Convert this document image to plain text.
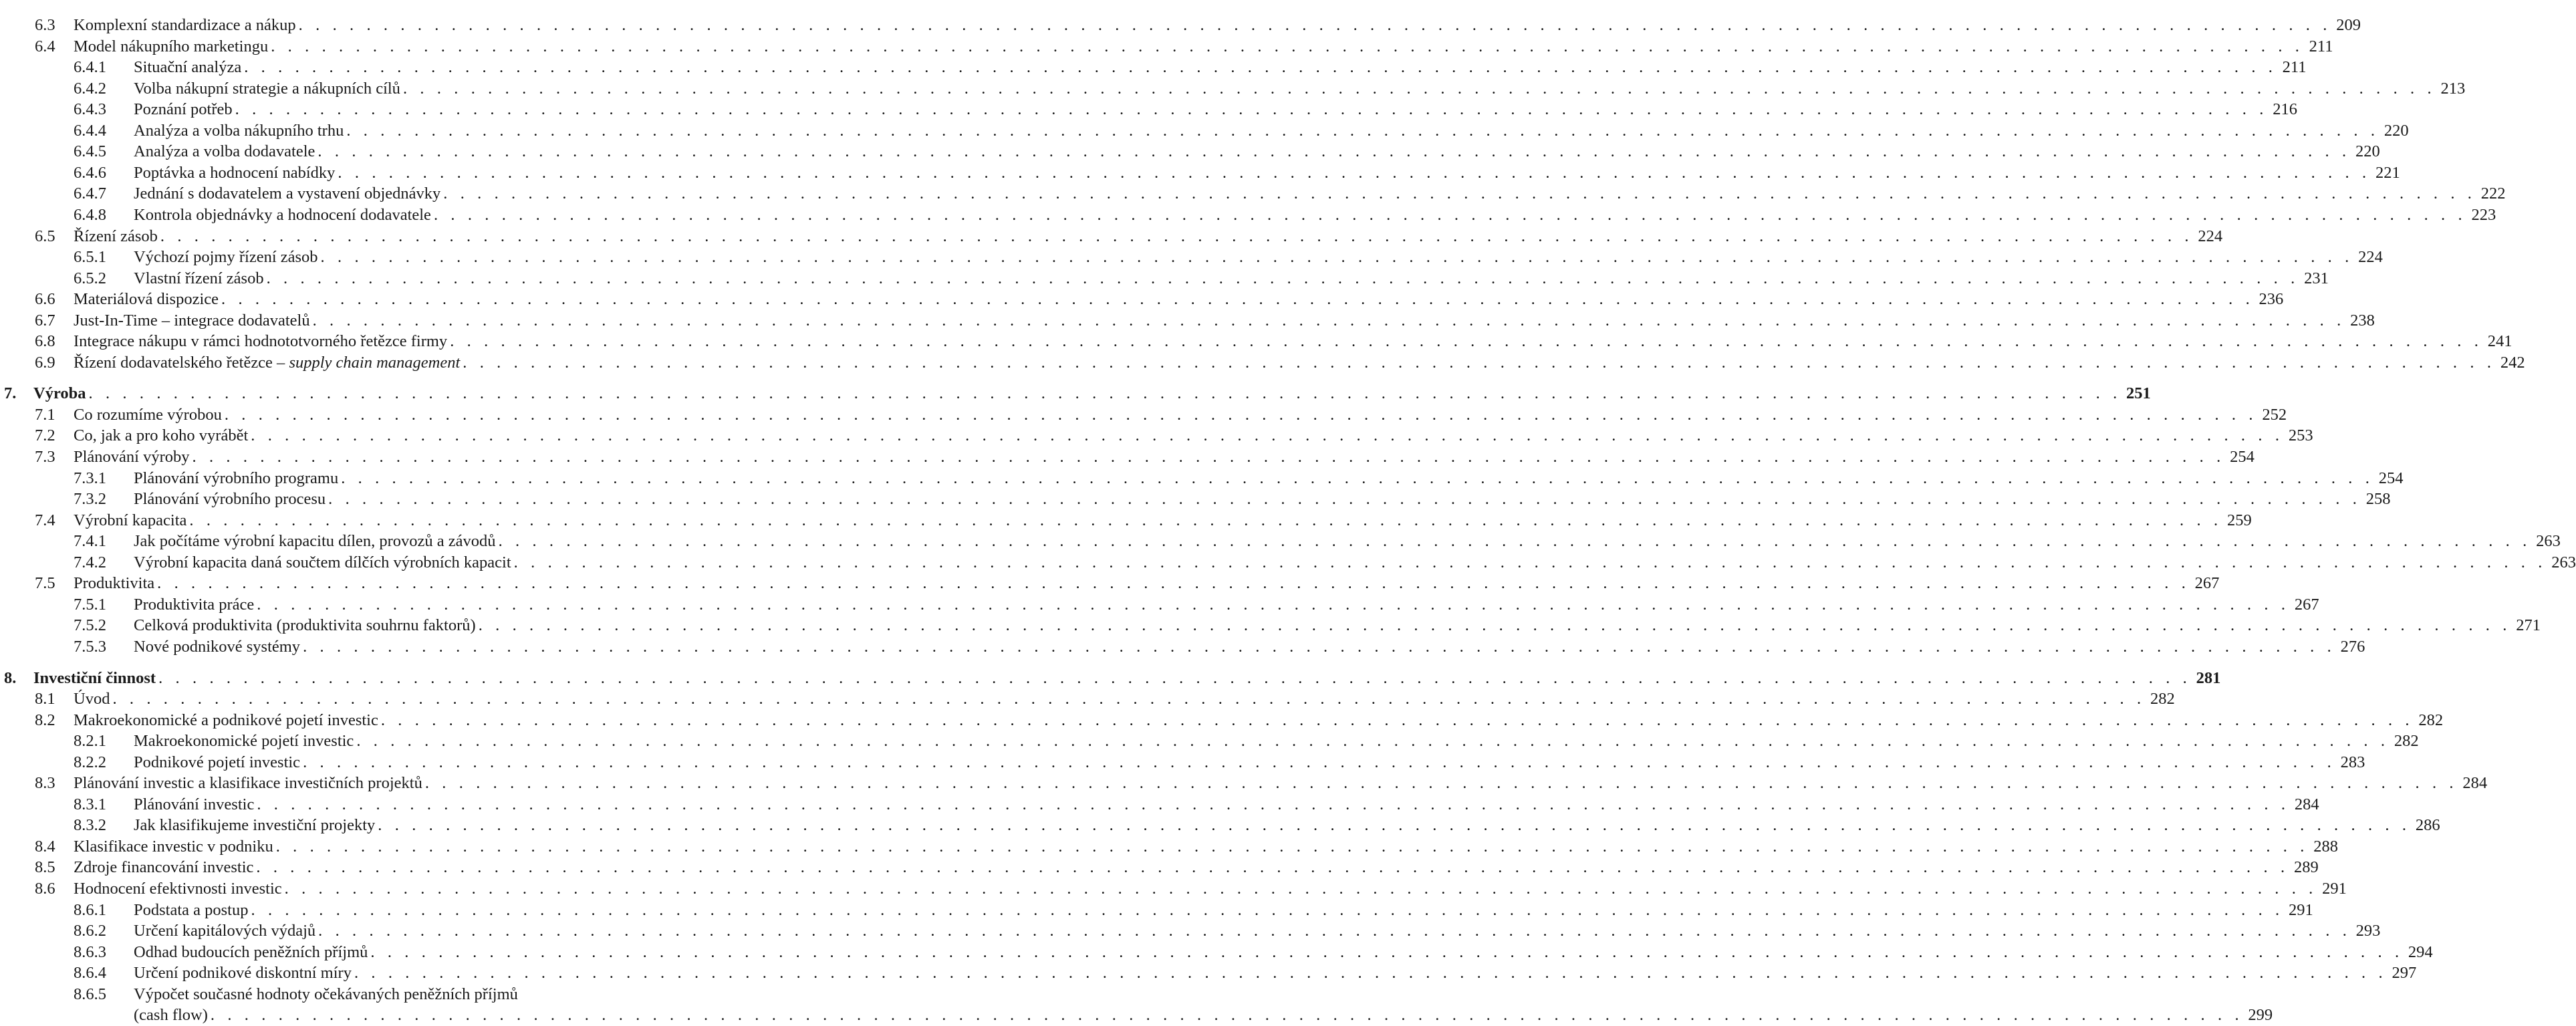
6.3 Komplexní standardizace a nákup . . . . . . . . . . . . . . . . . . . . . . . . . . . . . . . . . . . . . . . . . . . . . . . . . . . . . . . . . . . . . . . . . . . . . . . . . . . . . . . . . . . . . . . . . . . . . . . . . . . . . . . . . . . . . . . . . . . . . . . . 209
6.4 Model nákupního marketingu . . . . . . . . . . . . . . . . . . . . . . . . . . . . . . . . . . . . . . . . . . . . . . . . . . . . . . . . . . . . . . . . . . . . . . . . . . . . . . . . . . . . . . . . . . . . . . . . . . . . . . . . . . . . . . . . . . . . . . . . 211
6.4.1 Situační analýza . . . . . . . . . . . . . . . . . . . . . . . . . . . . . . . . . . . . . . . . . . . . . . . . . . . . . . . . . . . . . . . . . . . . . . . . . . . . . . . . . . . . . . . . . . . . . . . . . . . . . . . . . . . . . . . . . . . . . . . . 211
6.4.2 Volba nákupní strategie a nákupních cílů . . . . . . . . . . . . . . . . . . . . . . . . . . . . . . . . . . . . . . . . . . . . . . . . . . . . . . . . . . . . . . . . . . . . . . . . . . . . . . . . . . . . . . . . . . . . . . . . . . . . . . . . . . . . . . . . . . . . . . . . 213
6.4.3 Poznání potřeb . . . . . . . . . . . . . . . . . . . . . . . . . . . . . . . . . . . . . . . . . . . . . . . . . . . . . . . . . . . . . . . . . . . . . . . . . . . . . . . . . . . . . . . . . . . . . . . . . . . . . . . . . . . . . . . . . . . . . . . . 216
6.4.4 Analýza a volba nákupního trhu . . . . . . . . . . . . . . . . . . . . . . . . . . . . . . . . . . . . . . . . . . . . . . . . . . . . . . . . . . . . . . . . . . . . . . . . . . . . . . . . . . . . . . . . . . . . . . . . . . . . . . . . . . . . . . . . . . . . . . . . 220
6.4.5 Analýza a volba dodavatele . . . . . . . . . . . . . . . . . . . . . . . . . . . . . . . . . . . . . . . . . . . . . . . . . . . . . . . . . . . . . . . . . . . . . . . . . . . . . . . . . . . . . . . . . . . . . . . . . . . . . . . . . . . . . . . . . . . . . . . . 220
6.4.6 Poptávka a hodnocení nabídky . . . . . . . . . . . . . . . . . . . . . . . . . . . . . . . . . . . . . . . . . . . . . . . . . . . . . . . . . . . . . . . . . . . . . . . . . . . . . . . . . . . . . . . . . . . . . . . . . . . . . . . . . . . . . . . . . . . . . . . . 221
6.4.7 Jednání s dodavatelem a vystavení objednávky . . . . . . . . . . . . . . . . . . . . . . . . . . . . . . . . . . . . . . . . . . . . . . . . . . . . . . . . . . . . . . . . . . . . . . . . . . . . . . . . . . . . . . . . . . . . . . . . . . . . . . . . . . . . . . . . . . . . . . . . 222
6.4.8 Kontrola objednávky a hodnocení dodavatele . . . . . . . . . . . . . . . . . . . . . . . . . . . . . . . . . . . . . . . . . . . . . . . . . . . . . . . . . . . . . . . . . . . . . . . . . . . . . . . . . . . . . . . . . . . . . . . . . . . . . . . . . . . . . . . . . . . . . . . . 223
6.5 Řízení zásob . . . . . . . . . . . . . . . . . . . . . . . . . . . . . . . . . . . . . . . . . . . . . . . . . . . . . . . . . . . . . . . . . . . . . . . . . . . . . . . . . . . . . . . . . . . . . . . . . . . . . . . . . . . . . . . . . . . . . . . . 224
6.5.1 Výchozí pojmy řízení zásob . . . . . . . . . . . . . . . . . . . . . . . . . . . . . . . . . . . . . . . . . . . . . . . . . . . . . . . . . . . . . . . . . . . . . . . . . . . . . . . . . . . . . . . . . . . . . . . . . . . . . . . . . . . . . . . . . . . . . . . . 224
6.5.2 Vlastní řízení zásob . . . . . . . . . . . . . . . . . . . . . . . . . . . . . . . . . . . . . . . . . . . . . . . . . . . . . . . . . . . . . . . . . . . . . . . . . . . . . . . . . . . . . . . . . . . . . . . . . . . . . . . . . . . . . . . . . . . . . . . . 231
6.6 Materiálová dispozice . . . . . . . . . . . . . . . . . . . . . . . . . . . . . . . . . . . . . . . . . . . . . . . . . . . . . . . . . . . . . . . . . . . . . . . . . . . . . . . . . . . . . . . . . . . . . . . . . . . . . . . . . . . . . . . . . . . . . . . . 236
6.7 Just-In-Time – integrace dodavatelů . . . . . . . . . . . . . . . . . . . . . . . . . . . . . . . . . . . . . . . . . . . . . . . . . . . . . . . . . . . . . . . . . . . . . . . . . . . . . . . . . . . . . . . . . . . . . . . . . . . . . . . . . . . . . . . . . . . . . . . . 238
6.8 Integrace nákupu v rámci hodnototvorného řetězce firmy . . . . . . . . . . . . . . . . . . . . . . . . . . . . . . . . . . . . . . . . . . . . . . . . . . . . . . . . . . . . . . . . . . . . . . . . . . . . . . . . . . . . . . . . . . . . . . . . . . . . . . . . . . . . . . . . . . . . . . . . 241
6.9 Řízení dodavatelského řetězce – supply chain management . . . . . . . . . . . . . . . . . . . . . . . . . . . . . . . . . . . . . . . . . . . . . . . . . . . . . . . . . . . . . . . . . . . . . . . . . . . . . . . . . . . . . . . . . . . . . . . . . . . . . . . . . . . . . . . . . . . . . . . . 242
7. Výroba . . . . . . . . . . . . . . . . . . . . . . . . . . . . . . . . . . . . . . . . . . . . . . . . . . . . . . . . . . . . . . . . . . . . . . . . . . . . . . . . . . . . . . . . . . . . . . . . . . . . . . . . . . . . . . . . . . . . . . . . 251
7.1 Co rozumíme výrobou . . . . . . . . . . . . . . . . . . . . . . . . . . . . . . . . . . . . . . . . . . . . . . . . . . . . . . . . . . . . . . . . . . . . . . . . . . . . . . . . . . . . . . . . . . . . . . . . . . . . . . . . . . . . . . . . . . . . . . . . 252
7.2 Co, jak a pro koho vyrábět . . . . . . . . . . . . . . . . . . . . . . . . . . . . . . . . . . . . . . . . . . . . . . . . . . . . . . . . . . . . . . . . . . . . . . . . . . . . . . . . . . . . . . . . . . . . . . . . . . . . . . . . . . . . . . . . . . . . . . . . 253
7.3 Plánování výroby . . . . . . . . . . . . . . . . . . . . . . . . . . . . . . . . . . . . . . . . . . . . . . . . . . . . . . . . . . . . . . . . . . . . . . . . . . . . . . . . . . . . . . . . . . . . . . . . . . . . . . . . . . . . . . . . . . . . . . . . 254
7.3.1 Plánování výrobního programu . . . . . . . . . . . . . . . . . . . . . . . . . . . . . . . . . . . . . . . . . . . . . . . . . . . . . . . . . . . . . . . . . . . . . . . . . . . . . . . . . . . . . . . . . . . . . . . . . . . . . . . . . . . . . . . . . . . . . . . . 254
7.3.2 Plánování výrobního procesu . . . . . . . . . . . . . . . . . . . . . . . . . . . . . . . . . . . . . . . . . . . . . . . . . . . . . . . . . . . . . . . . . . . . . . . . . . . . . . . . . . . . . . . . . . . . . . . . . . . . . . . . . . . . . . . . . . . . . . . . 258
7.4 Výrobní kapacita . . . . . . . . . . . . . . . . . . . . . . . . . . . . . . . . . . . . . . . . . . . . . . . . . . . . . . . . . . . . . . . . . . . . . . . . . . . . . . . . . . . . . . . . . . . . . . . . . . . . . . . . . . . . . . . . . . . . . . . . 259
7.4.1 Jak počítáme výrobní kapacitu dílen, provozů a závodů . . . . . . . . . . . . . . . . . . . . . . . . . . . . . . . . . . . . . . . . . . . . . . . . . . . . . . . . . . . . . . . . . . . . . . . . . . . . . . . . . . . . . . . . . . . . . . . . . . . . . . . . . . . . . . . . . . . . . . . . 263
7.4.2 Výrobní kapacita daná součtem dílčích výrobních kapacit . . . . . . . . . . . . . . . . . . . . . . . . . . . . . . . . . . . . . . . . . . . . . . . . . . . . . . . . . . . . . . . . . . . . . . . . . . . . . . . . . . . . . . . . . . . . . . . . . . . . . . . . . . . . . . . . . . . . . . . . 263
7.5 Produktivita . . . . . . . . . . . . . . . . . . . . . . . . . . . . . . . . . . . . . . . . . . . . . . . . . . . . . . . . . . . . . . . . . . . . . . . . . . . . . . . . . . . . . . . . . . . . . . . . . . . . . . . . . . . . . . . . . . . . . . . . 267
7.5.1 Produktivita práce . . . . . . . . . . . . . . . . . . . . . . . . . . . . . . . . . . . . . . . . . . . . . . . . . . . . . . . . . . . . . . . . . . . . . . . . . . . . . . . . . . . . . . . . . . . . . . . . . . . . . . . . . . . . . . . . . . . . . . . . 267
7.5.2 Celková produktivita (produktivita souhrnu faktorů) . . . . . . . . . . . . . . . . . . . . . . . . . . . . . . . . . . . . . . . . . . . . . . . . . . . . . . . . . . . . . . . . . . . . . . . . . . . . . . . . . . . . . . . . . . . . . . . . . . . . . . . . . . . . . . . . . . . . . . . . 271
7.5.3 Nové podnikové systémy . . . . . . . . . . . . . . . . . . . . . . . . . . . . . . . . . . . . . . . . . . . . . . . . . . . . . . . . . . . . . . . . . . . . . . . . . . . . . . . . . . . . . . . . . . . . . . . . . . . . . . . . . . . . . . . . . . . . . . . . 276
8. Investiční činnost . . . . . . . . . . . . . . . . . . . . . . . . . . . . . . . . . . . . . . . . . . . . . . . . . . . . . . . . . . . . . . . . . . . . . . . . . . . . . . . . . . . . . . . . . . . . . . . . . . . . . . . . . . . . . . . . . . . . . . . . 281
8.1 Úvod . . . . . . . . . . . . . . . . . . . . . . . . . . . . . . . . . . . . . . . . . . . . . . . . . . . . . . . . . . . . . . . . . . . . . . . . . . . . . . . . . . . . . . . . . . . . . . . . . . . . . . . . . . . . . . . . . . . . . . . . 282
8.2 Makroekonomické a podnikové pojetí investic . . . . . . . . . . . . . . . . . . . . . . . . . . . . . . . . . . . . . . . . . . . . . . . . . . . . . . . . . . . . . . . . . . . . . . . . . . . . . . . . . . . . . . . . . . . . . . . . . . . . . . . . . . . . . . . . . . . . . . . . 282
8.2.1 Makroekonomické pojetí investic . . . . . . . . . . . . . . . . . . . . . . . . . . . . . . . . . . . . . . . . . . . . . . . . . . . . . . . . . . . . . . . . . . . . . . . . . . . . . . . . . . . . . . . . . . . . . . . . . . . . . . . . . . . . . . . . . . . . . . . . 282
8.2.2 Podnikové pojetí investic . . . . . . . . . . . . . . . . . . . . . . . . . . . . . . . . . . . . . . . . . . . . . . . . . . . . . . . . . . . . . . . . . . . . . . . . . . . . . . . . . . . . . . . . . . . . . . . . . . . . . . . . . . . . . . . . . . . . . . . . 283
8.3 Plánování investic a klasifikace investičních projektů . . . . . . . . . . . . . . . . . . . . . . . . . . . . . . . . . . . . . . . . . . . . . . . . . . . . . . . . . . . . . . . . . . . . . . . . . . . . . . . . . . . . . . . . . . . . . . . . . . . . . . . . . . . . . . . . . . . . . . . . 284
8.3.1 Plánování investic . . . . . . . . . . . . . . . . . . . . . . . . . . . . . . . . . . . . . . . . . . . . . . . . . . . . . . . . . . . . . . . . . . . . . . . . . . . . . . . . . . . . . . . . . . . . . . . . . . . . . . . . . . . . . . . . . . . . . . . . 284
8.3.2 Jak klasifikujeme investiční projekty . . . . . . . . . . . . . . . . . . . . . . . . . . . . . . . . . . . . . . . . . . . . . . . . . . . . . . . . . . . . . . . . . . . . . . . . . . . . . . . . . . . . . . . . . . . . . . . . . . . . . . . . . . . . . . . . . . . . . . . . 286
8.4 Klasifikace investic v podniku . . . . . . . . . . . . . . . . . . . . . . . . . . . . . . . . . . . . . . . . . . . . . . . . . . . . . . . . . . . . . . . . . . . . . . . . . . . . . . . . . . . . . . . . . . . . . . . . . . . . . . . . . . . . . . . . . . . . . . . . 288
8.5 Zdroje financování investic . . . . . . . . . . . . . . . . . . . . . . . . . . . . . . . . . . . . . . . . . . . . . . . . . . . . . . . . . . . . . . . . . . . . . . . . . . . . . . . . . . . . . . . . . . . . . . . . . . . . . . . . . . . . . . . . . . . . . . . . 289
8.6 Hodnocení efektivnosti investic . . . . . . . . . . . . . . . . . . . . . . . . . . . . . . . . . . . . . . . . . . . . . . . . . . . . . . . . . . . . . . . . . . . . . . . . . . . . . . . . . . . . . . . . . . . . . . . . . . . . . . . . . . . . . . . . . . . . . . . . 291
8.6.1 Podstata a postup . . . . . . . . . . . . . . . . . . . . . . . . . . . . . . . . . . . . . . . . . . . . . . . . . . . . . . . . . . . . . . . . . . . . . . . . . . . . . . . . . . . . . . . . . . . . . . . . . . . . . . . . . . . . . . . . . . . . . . . . 291
8.6.2 Určení kapitálových výdajů . . . . . . . . . . . . . . . . . . . . . . . . . . . . . . . . . . . . . . . . . . . . . . . . . . . . . . . . . . . . . . . . . . . . . . . . . . . . . . . . . . . . . . . . . . . . . . . . . . . . . . . . . . . . . . . . . . . . . . . . 293
8.6.3 Odhad budoucích peněžních příjmů . . . . . . . . . . . . . . . . . . . . . . . . . . . . . . . . . . . . . . . . . . . . . . . . . . . . . . . . . . . . . . . . . . . . . . . . . . . . . . . . . . . . . . . . . . . . . . . . . . . . . . . . . . . . . . . . . . . . . . . . 294
8.6.4 Určení podnikové diskontní míry . . . . . . . . . . . . . . . . . . . . . . . . . . . . . . . . . . . . . . . . . . . . . . . . . . . . . . . . . . . . . . . . . . . . . . . . . . . . . . . . . . . . . . . . . . . . . . . . . . . . . . . . . . . . . . . . . . . . . . . . 297
8.6.5 Výpočet současné hodnoty očekávaných peněžních příjmů
(cash flow) . . . . . . . . . . . . . . . . . . . . . . . . . . . . . . . . . . . . . . . . . . . . . . . . . . . . . . . . . . . . . . . . . . . . . . . . . . . . . . . . . . . . . . . . . . . . . . . . . . . . . . . . . . . . . . . . . . . . . . . . 299
